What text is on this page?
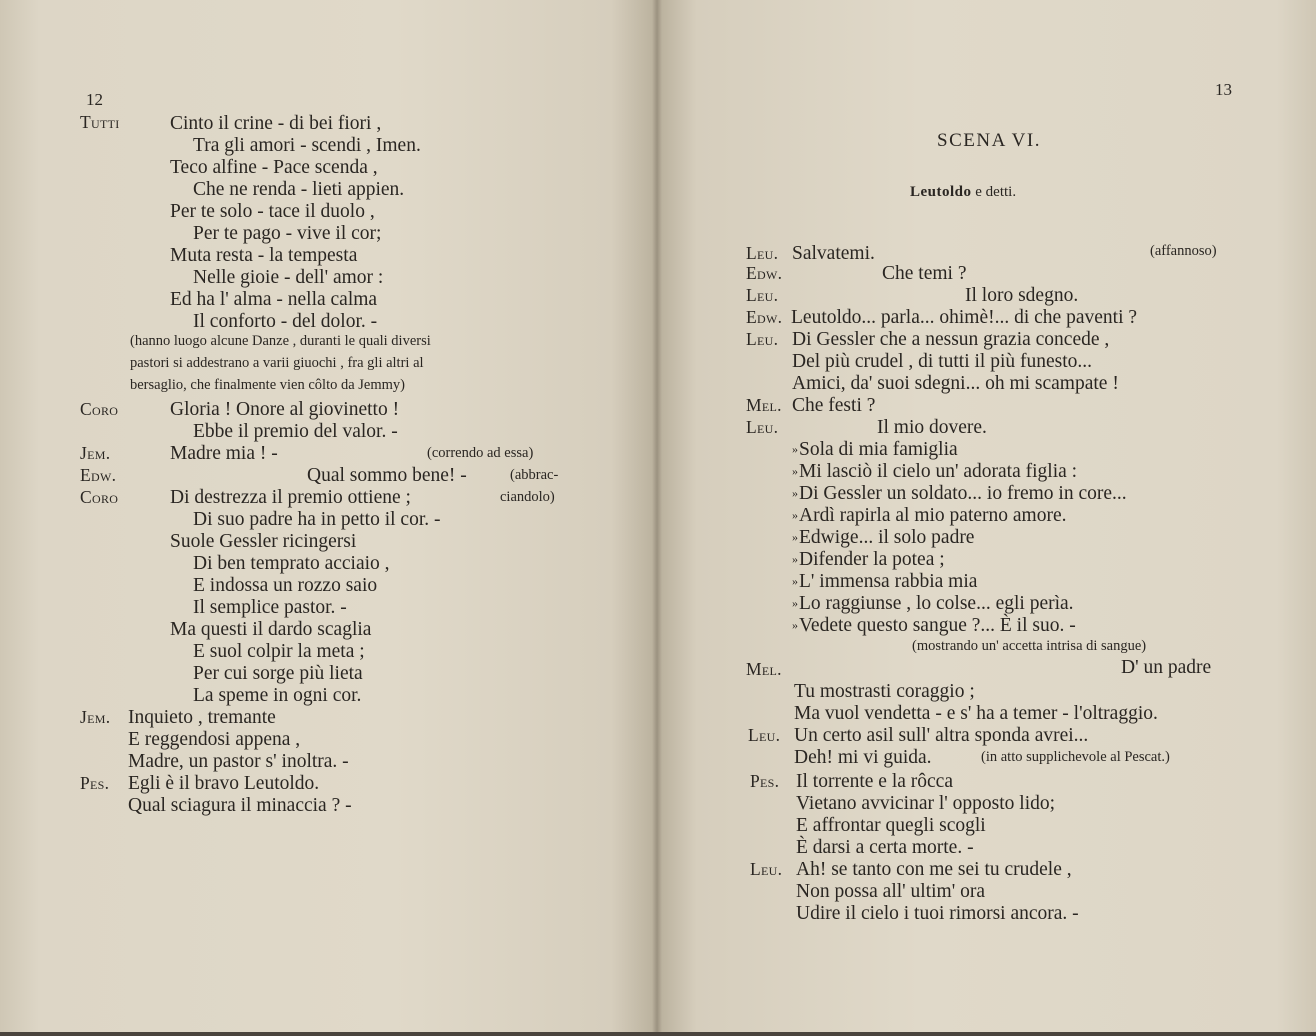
12
Tutti	Cinto il crine - di bei fiori ,
Tra gli amori - scendi , Imen.
Teco alfine - Pace scenda ,
Che ne renda - lieti appien.
Per te solo - tace il duolo ,
Per te pago - vive il cor;
Muta resta - la tempesta
Nelle gioie - dell' amor :
Ed ha l' alma - nella calma
Il conforto - del dolor. -
(hanno luogo alcune Danze , duranti le quali diversi
pastori si addestrano a varii giuochi , fra gli altri al
bersaglio, che finalmente vien côlto da Jemmy)
Coro	Gloria ! Onore al giovinetto !
Ebbe il premio del valor. -
Jem.	Madre mia ! -	(correndo ad essa)
Edw.	Qual sommo bene! -	(abbrac-
Coro	Di destrezza il premio ottiene ;	ciandolo)
Di suo padre ha in petto il cor. -
Suole Gessler ricingersi
Di ben temprato acciaio ,
E indossa un rozzo saio
Il semplice pastor. -
Ma questi il dardo scaglia
E suol colpir la meta ;
Per cui sorge più lieta
La speme in ogni cor.
Jem. Inquieto , tremante
E reggendosi appena ,
Madre, un pastor s' inoltra. -
Pes. Egli è il bravo Leutoldo.
Qual sciagura il minaccia ? -
13
SCENA VI.
Leutoldo e detti.
Leu. Salvatemi.	(affannoso)
Edw.	Che temi ?
Leu.	Il loro sdegno.
Edw. Leutoldo... parla... ohimè!... di che paventi ?
Leu. Di Gessler che a nessun grazia concede ,
Del più crudel , di tutti il più funesto...
Amici, da' suoi sdegni... oh mi scampate !
Mel. Che festi ?
Leu.	Il mio dovere.
»Sola di mia famiglia
»Mi lasciò il cielo un' adorata figlia :
»Di Gessler un soldato... io fremo in core...
»Ardì rapirla al mio paterno amore.
»Edwige... il solo padre
»Difender la potea ;
»L' immensa rabbia mia
»Lo raggiunse , lo colse... egli perìa.
»Vedete questo sangue ?... È il suo. -
(mostrando un' accetta intrisa di sangue)
Mel.	D' un padre
Tu mostrasti coraggio ;
Ma vuol vendetta - e s' ha a temer - l'oltraggio.
Leu. Un certo asil sull' altra sponda avrei...
Deh! mi vi guida.	(in atto supplichevole al Pescat.)
Pes. Il torrente e la rôcca
Vietano avvicinar l' opposto lido;
E affrontar quegli scogli
È darsi a certa morte. -
Leu. Ah! se tanto con me sei tu crudele ,
Non possa all' ultim' ora
Udire il cielo i tuoi rimorsi ancora. -
